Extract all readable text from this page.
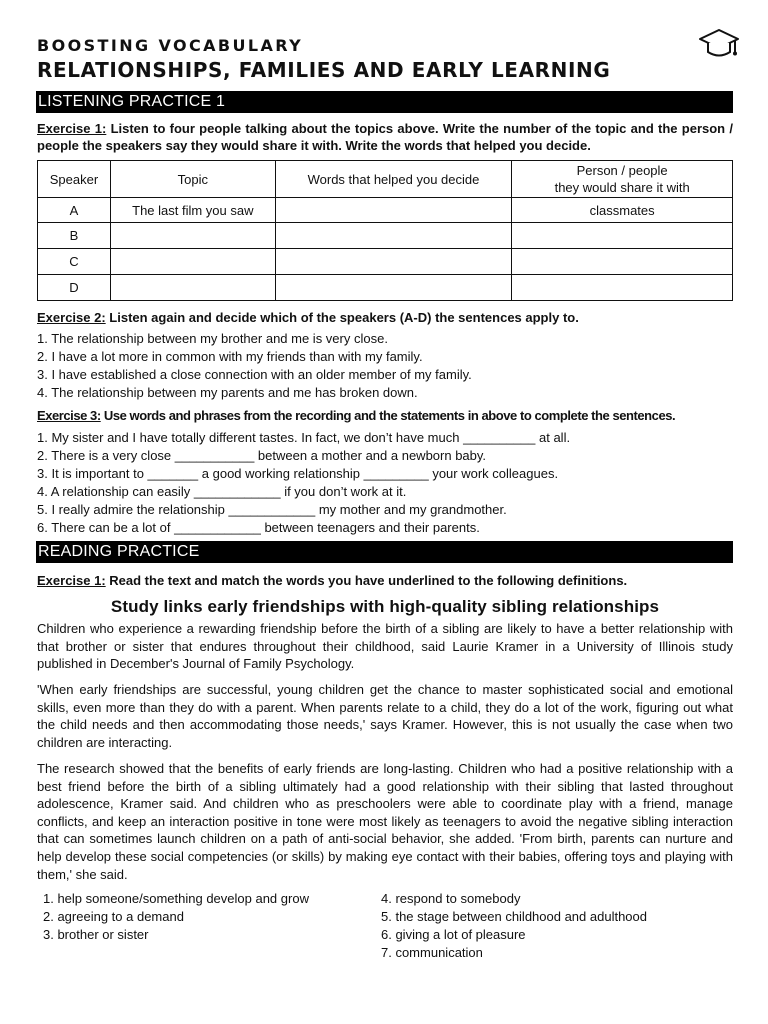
BOOSTING VOCABULARY
RELATIONSHIPS, FAMILIES AND EARLY LEARNING
LISTENING PRACTICE 1
Exercise 1: Listen to four people talking about the topics above. Write the number of the topic and the person / people the speakers say they would share it with. Write the words that helped you decide.
Speaker	Topic	Words that helped you decide	Person / people
they would share it with

A	The last film you saw		classmates
B			
C			
D			
Exercise 2: Listen again and decide which of the speakers (A-D) the sentences apply to.
1. The relationship between my brother and me is very close.
2. I have a lot more in common with my friends than with my family.
3. I have established a close connection with an older member of my family.
4. The relationship between my parents and me has broken down.
Exercise 3: Use words and phrases from the recording and the statements in above to complete the sentences.
1. My sister and I have totally different tastes. In fact, we don’t have much __________ at all.
2. There is a very close ___________ between a mother and a newborn baby.
3. It is important to _______ a good working relationship _________ your work colleagues.
4. A relationship can easily ____________ if you don’t work at it.
5. I really admire the relationship ____________ my mother and my grandmother.
6. There can be a lot of ____________ between teenagers and their parents.
READING PRACTICE
Exercise 1: Read the text and match the words you have underlined to the following definitions.
Study links early friendships with high-quality sibling relationships
Children who experience a rewarding friendship before the birth of a sibling are likely to have a better relationship with that brother or sister that endures throughout their childhood, said Laurie Kramer in a University of Illinois study published in December's Journal of Family Psychology.
'When early friendships are successful, young children get the chance to master sophisticated social and emotional skills, even more than they do with a parent. When parents relate to a child, they do a lot of the work, figuring out what the child needs and then accommodating those needs,' says Kramer. However, this is not usually the case when two children are interacting.
The research showed that the benefits of early friends are long-lasting. Children who had a positive relationship with a best friend before the birth of a sibling ultimately had a good relationship with their sibling that lasted throughout adolescence, Kramer said. And children who as preschoolers were able to coordinate play with a friend, manage conflicts, and keep an interaction positive in tone were most likely as teenagers to avoid the negative sibling interaction that can sometimes launch children on a path of anti-social behavior, she added. 'From birth, parents can nurture and help develop these social competencies (or skills) by making eye contact with their babies, offering toys and playing with them,' she said.
1. help someone/something develop and grow
2. agreeing to a demand
3. brother or sister
4. respond to somebody
5. the stage between childhood and adulthood
6. giving a lot of pleasure
7. communication
